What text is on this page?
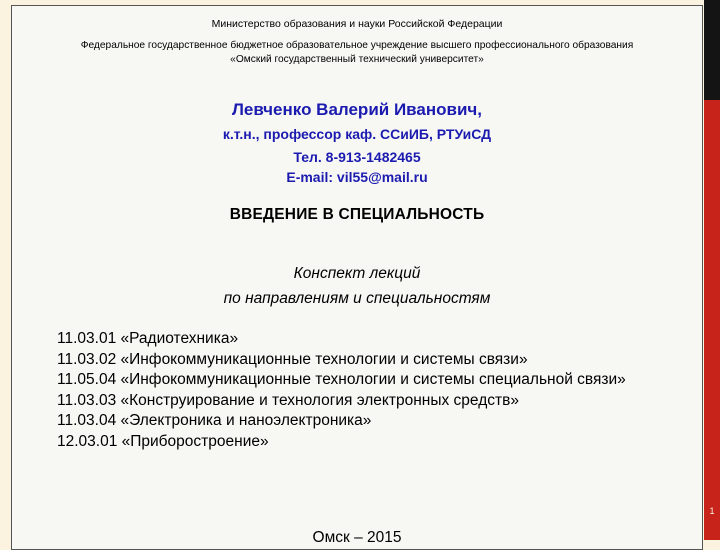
1
Министерство образования и науки Российской Федерации
Федеральное государственное бюджетное образовательное учреждение высшего профессионального образования
«Омский государственный технический университет»
Левченко Валерий Иванович,
к.т.н., профессор каф. ССиИБ, РТУиСД
Тел. 8-913-1482465
E-mail: vil55@mail.ru
ВВЕДЕНИЕ В СПЕЦИАЛЬНОСТЬ
Конспект лекций
по направлениям и специальностям
11.03.01 «Радиотехника»
11.03.02 «Инфокоммуникационные технологии и системы связи»
11.05.04 «Инфокоммуникационные технологии и системы специальной связи»
11.03.03 «Конструирование и технология электронных средств»
11.03.04 «Электроника и наноэлектроника»
12.03.01 «Приборостроение»
Омск – 2015
